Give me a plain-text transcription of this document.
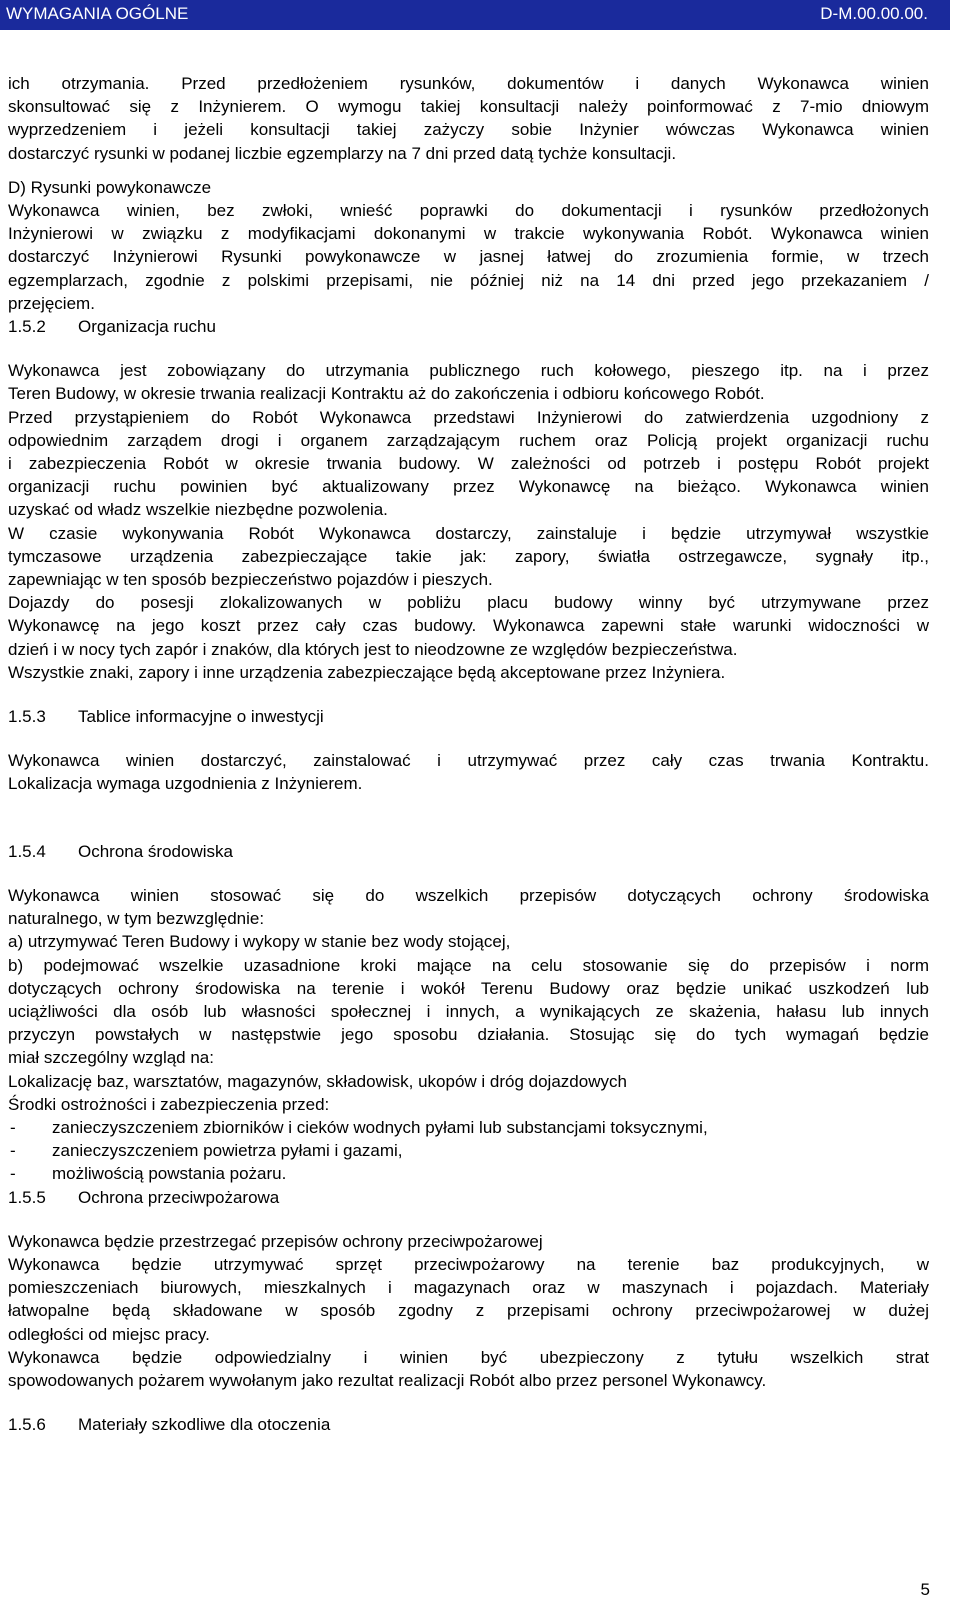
WYMAGANIA OGÓLNE	D-M.00.00.00.
ich otrzymania. Przed przedłożeniem rysunków, dokumentów i danych Wykonawca winien
skonsultować się z Inżynierem. O wymogu takiej konsultacji należy poinformować z 7-mio dniowym
wyprzedzeniem i jeżeli konsultacji takiej zażyczy sobie Inżynier wówczas Wykonawca winien
dostarczyć rysunki w podanej liczbie egzemplarzy na 7 dni przed datą tychże konsultacji.
D) Rysunki powykonawcze
Wykonawca winien, bez zwłoki, wnieść poprawki do dokumentacji i rysunków przedłożonych
Inżynierowi w związku z modyfikacjami dokonanymi w trakcie wykonywania Robót. Wykonawca winien
dostarczyć Inżynierowi Rysunki powykonawcze w jasnej łatwej do zrozumienia formie, w trzech
egzemplarzach, zgodnie z polskimi przepisami, nie później niż na 14 dni przed jego przekazaniem /
przejęciem.
1.5.2	Organizacja ruchu
Wykonawca jest zobowiązany do utrzymania publicznego ruch kołowego, pieszego itp. na i przez
Teren Budowy, w okresie trwania realizacji Kontraktu aż do zakończenia i odbioru końcowego Robót.
Przed przystąpieniem do Robót Wykonawca przedstawi Inżynierowi do zatwierdzenia uzgodniony z
odpowiednim zarządem drogi i organem zarządzającym ruchem oraz Policją projekt organizacji ruchu
i zabezpieczenia Robót w okresie trwania budowy. W zależności od potrzeb i postępu Robót projekt
organizacji ruchu powinien być aktualizowany przez Wykonawcę na bieżąco. Wykonawca winien
uzyskać od władz wszelkie niezbędne pozwolenia.
W czasie wykonywania Robót Wykonawca dostarczy, zainstaluje i będzie utrzymywał wszystkie
tymczasowe urządzenia zabezpieczające takie jak: zapory, światła ostrzegawcze, sygnały itp.,
zapewniając w ten sposób bezpieczeństwo pojazdów i pieszych.
Dojazdy do posesji zlokalizowanych w pobliżu placu budowy winny być utrzymywane przez
Wykonawcę na jego koszt przez cały czas budowy. Wykonawca zapewni stałe warunki widoczności w
dzień i w nocy tych zapór i znaków, dla których jest to nieodzowne ze względów bezpieczeństwa.
Wszystkie znaki, zapory i inne urządzenia zabezpieczające będą akceptowane przez Inżyniera.
1.5.3	Tablice informacyjne o inwestycji
Wykonawca winien dostarczyć, zainstalować i utrzymywać przez cały czas trwania Kontraktu.
Lokalizacja wymaga uzgodnienia z Inżynierem.
1.5.4	Ochrona środowiska
Wykonawca winien stosować się do wszelkich przepisów dotyczących ochrony środowiska
naturalnego, w tym bezwzględnie:
a) utrzymywać Teren Budowy i wykopy w stanie bez wody stojącej,
b) podejmować wszelkie uzasadnione kroki mające na celu stosowanie się do przepisów i norm
dotyczących ochrony środowiska na terenie i wokół Terenu Budowy oraz będzie unikać uszkodzeń lub
uciążliwości dla osób lub własności społecznej i innych, a wynikających ze skażenia, hałasu lub innych
przyczyn powstałych w następstwie jego sposobu działania. Stosując się do tych wymagań będzie
miał szczególny wzgląd na:
Lokalizację baz, warsztatów, magazynów, składowisk, ukopów i dróg dojazdowych
Środki ostrożności i zabezpieczenia przed:
-	zanieczyszczeniem zbiorników i cieków wodnych pyłami lub substancjami toksycznymi,
-	zanieczyszczeniem powietrza pyłami i gazami,
-	możliwością powstania pożaru.
1.5.5	Ochrona przeciwpożarowa
Wykonawca będzie przestrzegać przepisów ochrony przeciwpożarowej
Wykonawca będzie utrzymywać sprzęt przeciwpożarowy na terenie baz produkcyjnych, w
pomieszczeniach biurowych, mieszkalnych i magazynach oraz w maszynach i pojazdach. Materiały
łatwopalne będą składowane w sposób zgodny z przepisami ochrony przeciwpożarowej w dużej
odległości od miejsc pracy.
Wykonawca będzie odpowiedzialny i winien być ubezpieczony z tytułu wszelkich strat
spowodowanych pożarem wywołanym jako rezultat realizacji Robót albo przez personel Wykonawcy.
1.5.6	Materiały szkodliwe dla otoczenia
5
